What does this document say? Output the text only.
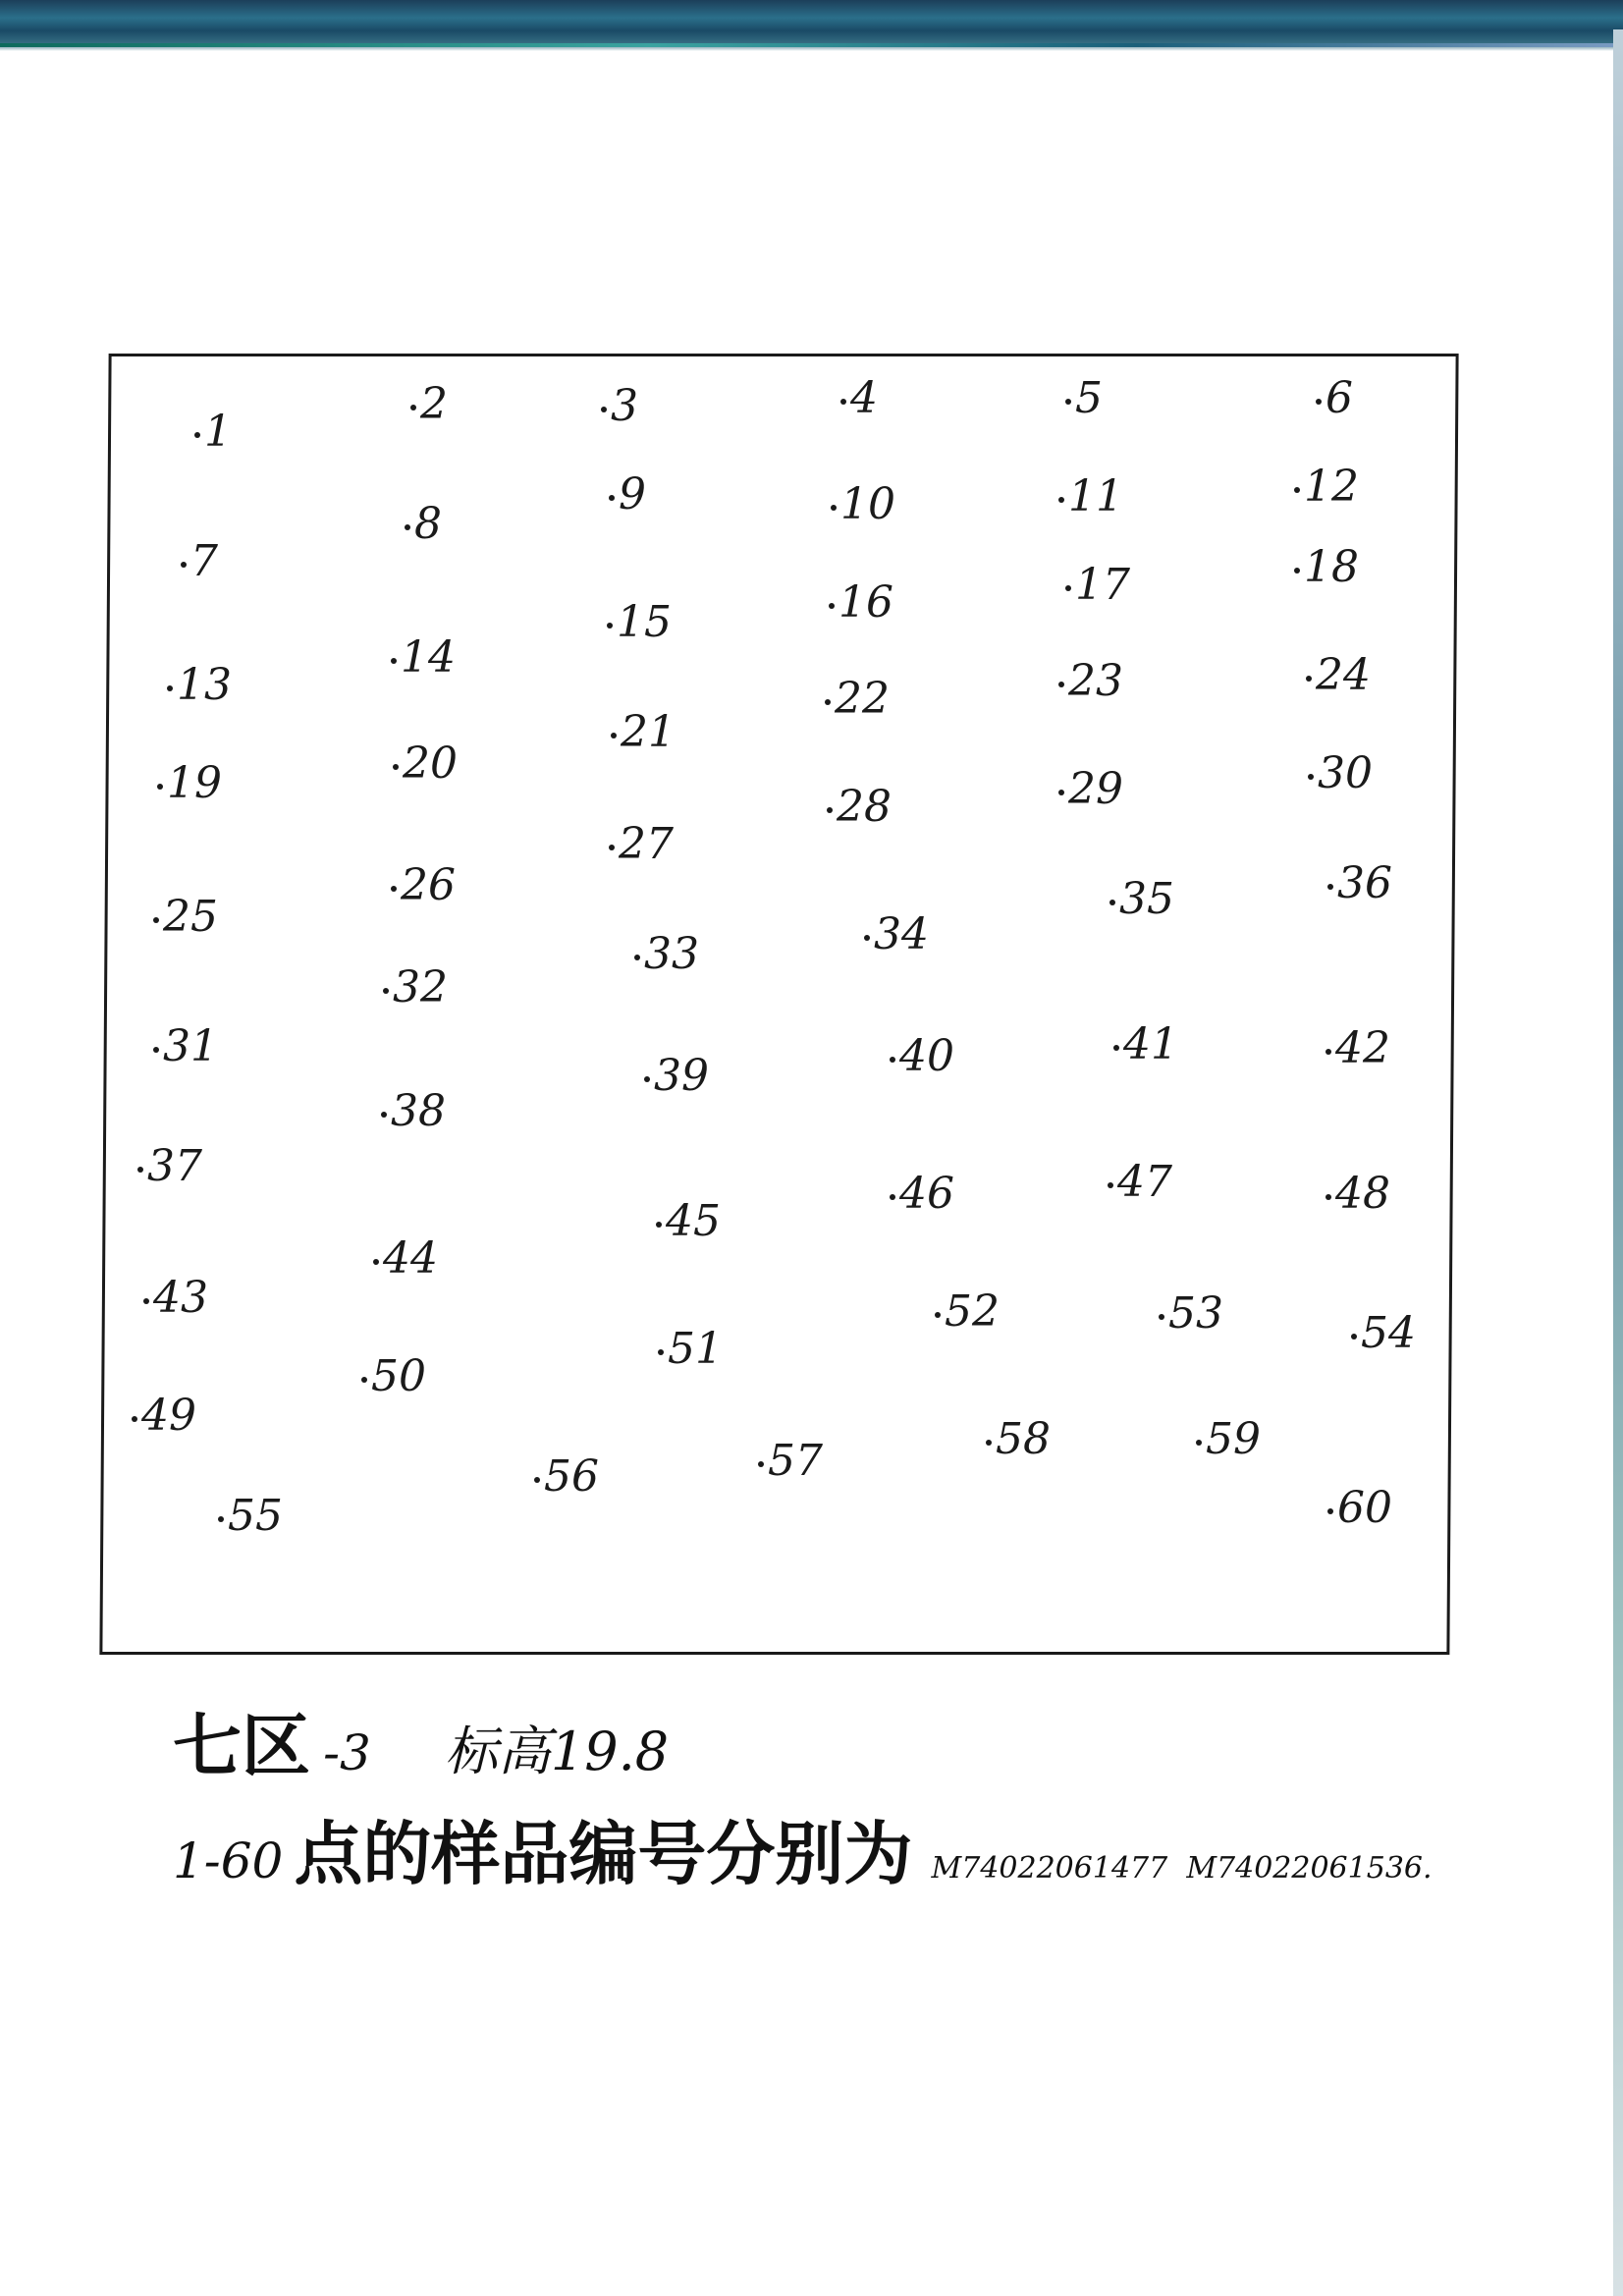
1
2	3	4	5	6
7
8
9	10	11	12
13
14
15	16	17	18
19	20
21
22	23	24
25
26
27
28	29	30
31
32
33	34
35	36
37
38
39	40	41	42
43
44
45
46	47	48
49
50
51
52	53	54
55
56	57	58	59
60
七区 -3 标高19.8
1-60 点的样品编号分别为 M74022061477 M74022061536.
